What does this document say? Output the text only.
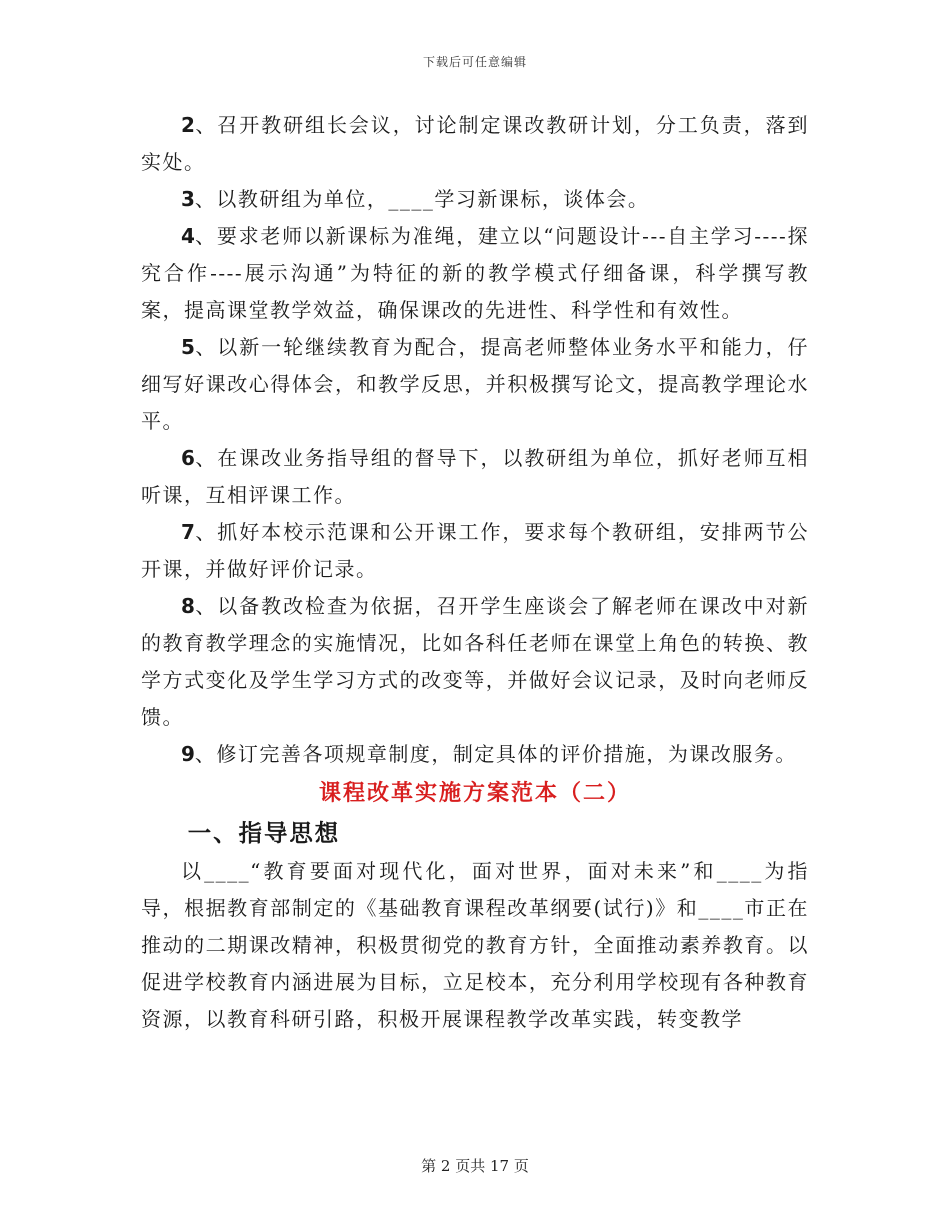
下载后可任意编辑

2、召开教研组长会议，讨论制定课改教研计划，分工负责，落到实处。

3、以教研组为单位，____学习新课标，谈体会。

4、要求老师以新课标为准绳，建立以“问题设计---自主学习----探究合作----展示沟通”为特征的新的教学模式仔细备课，科学撰写教案，提高课堂教学效益，确保课改的先进性、科学性和有效性。

5、以新一轮继续教育为配合，提高老师整体业务水平和能力，仔细写好课改心得体会，和教学反思，并积极撰写论文，提高教学理论水平。

6、在课改业务指导组的督导下，以教研组为单位，抓好老师互相听课，互相评课工作。

7、抓好本校示范课和公开课工作，要求每个教研组，安排两节公开课，并做好评价记录。

8、以备教改检查为依据，召开学生座谈会了解老师在课改中对新的教育教学理念的实施情况，比如各科任老师在课堂上角色的转换、教学方式变化及学生学习方式的改变等，并做好会议记录，及时向老师反馈。

9、修订完善各项规章制度，制定具体的评价措施，为课改服务。

课程改革实施方案范本（二）
一、指导思想

以____“教育要面对现代化，面对世界，面对未来”和____为指导，根据教育部制定的《基础教育课程改革纲要(试行)》和____市正在推动的二期课改精神，积极贯彻党的教育方针，全面推动素养教育。以促进学校教育内涵进展为目标，立足校本，充分利用学校现有各种教育资源，以教育科研引路，积极开展课程教学改革实践，转变教学

第 2 页共 17 页
